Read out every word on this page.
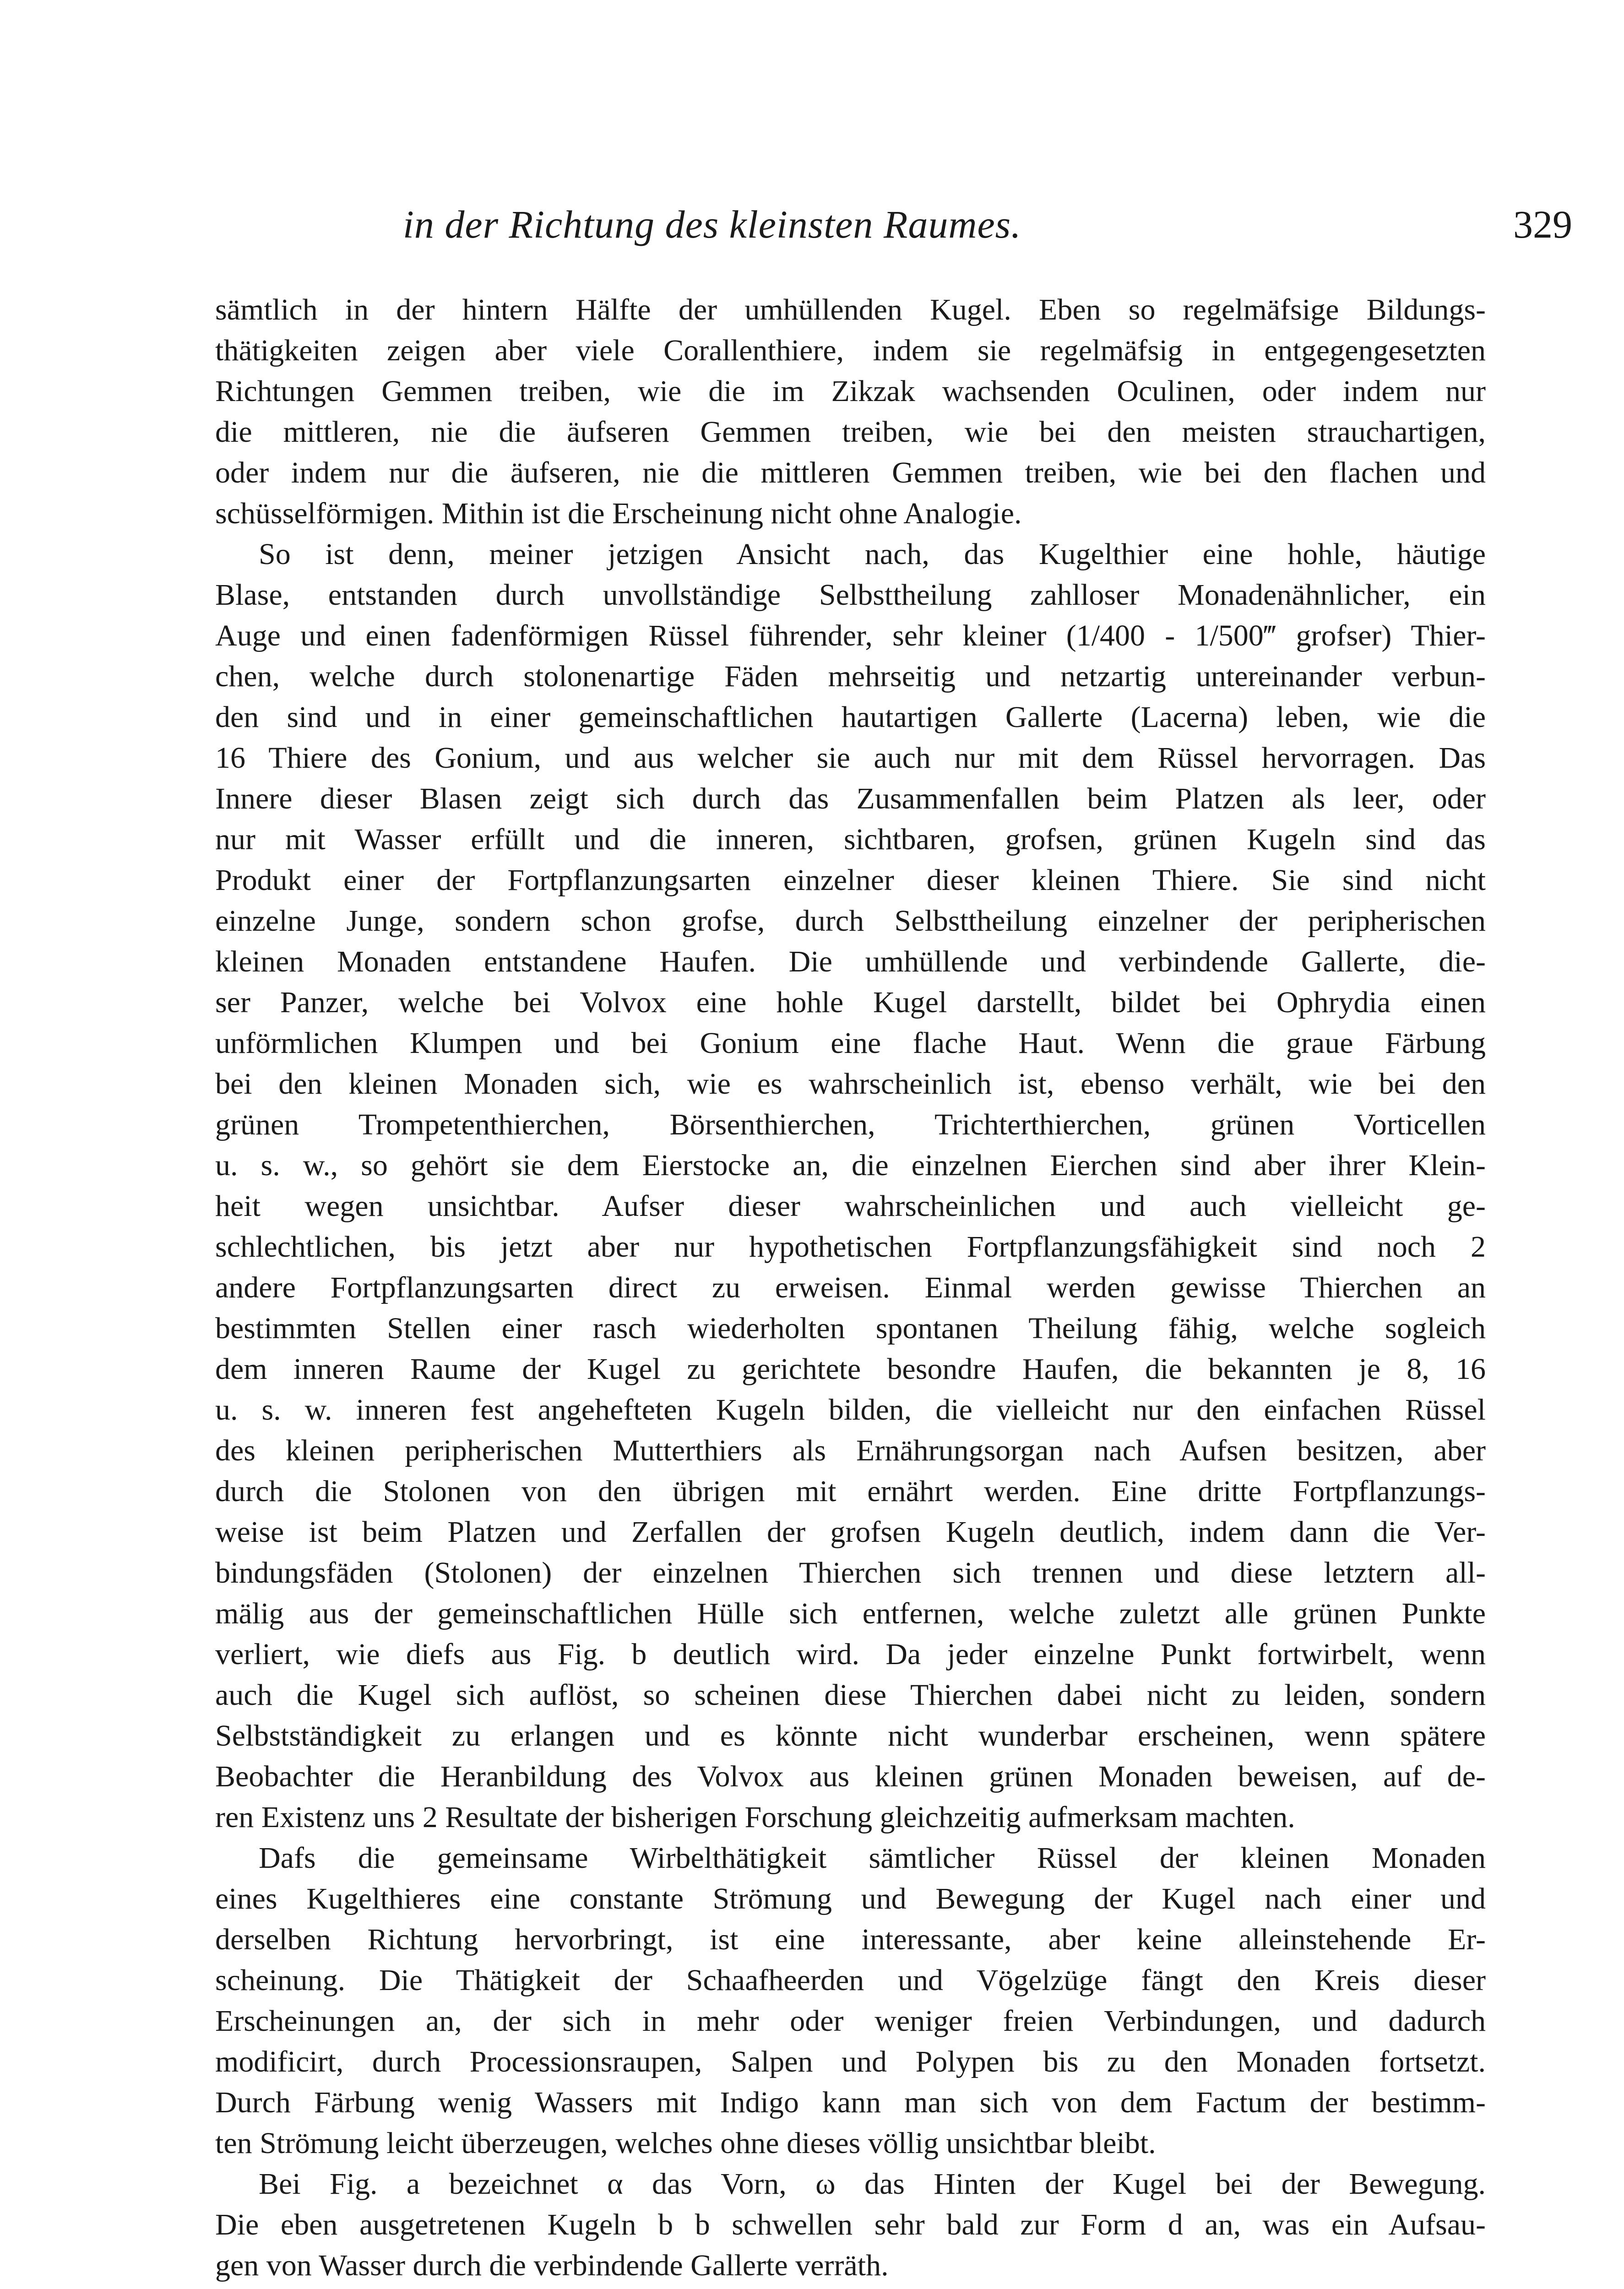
in der Richtung des kleinsten Raumes.	329
sämtlich in der hintern Hälfte der umhüllenden Kugel. Eben so regelmäfsige Bildungs-
thätigkeiten zeigen aber viele Corallenthiere, indem sie regelmäfsig in entgegengesetzten
Richtungen Gemmen treiben, wie die im Zikzak wachsenden Oculinen, oder indem nur
die mittleren, nie die äufseren Gemmen treiben, wie bei den meisten strauchartigen,
oder indem nur die äufseren, nie die mittleren Gemmen treiben, wie bei den flachen und
schüsselförmigen. Mithin ist die Erscheinung nicht ohne Analogie.
So ist denn, meiner jetzigen Ansicht nach, das Kugelthier eine hohle, häutige
Blase, entstanden durch unvollständige Selbsttheilung zahlloser Monadenähnlicher, ein
Auge und einen fadenförmigen Rüssel führender, sehr kleiner (1/400 - 1/500‴ grofser) Thier-
chen, welche durch stolonenartige Fäden mehrseitig und netzartig untereinander verbun-
den sind und in einer gemeinschaftlichen hautartigen Gallerte (Lacerna) leben, wie die
16 Thiere des Gonium, und aus welcher sie auch nur mit dem Rüssel hervorragen. Das
Innere dieser Blasen zeigt sich durch das Zusammenfallen beim Platzen als leer, oder
nur mit Wasser erfüllt und die inneren, sichtbaren, grofsen, grünen Kugeln sind das
Produkt einer der Fortpflanzungsarten einzelner dieser kleinen Thiere. Sie sind nicht
einzelne Junge, sondern schon grofse, durch Selbsttheilung einzelner der peripherischen
kleinen Monaden entstandene Haufen. Die umhüllende und verbindende Gallerte, die-
ser Panzer, welche bei Volvox eine hohle Kugel darstellt, bildet bei Ophrydia einen
unförmlichen Klumpen und bei Gonium eine flache Haut. Wenn die graue Färbung
bei den kleinen Monaden sich, wie es wahrscheinlich ist, ebenso verhält, wie bei den
grünen Trompetenthierchen, Börsenthierchen, Trichterthierchen, grünen Vorticellen
u. s. w., so gehört sie dem Eierstocke an, die einzelnen Eierchen sind aber ihrer Klein-
heit wegen unsichtbar. Aufser dieser wahrscheinlichen und auch vielleicht ge-
schlechtlichen, bis jetzt aber nur hypothetischen Fortpflanzungsfähigkeit sind noch 2
andere Fortpflanzungsarten direct zu erweisen. Einmal werden gewisse Thierchen an
bestimmten Stellen einer rasch wiederholten spontanen Theilung fähig, welche sogleich
dem inneren Raume der Kugel zu gerichtete besondre Haufen, die bekannten je 8, 16
u. s. w. inneren fest angehefteten Kugeln bilden, die vielleicht nur den einfachen Rüssel
des kleinen peripherischen Mutterthiers als Ernährungsorgan nach Aufsen besitzen, aber
durch die Stolonen von den übrigen mit ernährt werden. Eine dritte Fortpflanzungs-
weise ist beim Platzen und Zerfallen der grofsen Kugeln deutlich, indem dann die Ver-
bindungsfäden (Stolonen) der einzelnen Thierchen sich trennen und diese letztern all-
mälig aus der gemeinschaftlichen Hülle sich entfernen, welche zuletzt alle grünen Punkte
verliert, wie diefs aus Fig. b deutlich wird. Da jeder einzelne Punkt fortwirbelt, wenn
auch die Kugel sich auflöst, so scheinen diese Thierchen dabei nicht zu leiden, sondern
Selbstständigkeit zu erlangen und es könnte nicht wunderbar erscheinen, wenn spätere
Beobachter die Heranbildung des Volvox aus kleinen grünen Monaden beweisen, auf de-
ren Existenz uns 2 Resultate der bisherigen Forschung gleichzeitig aufmerksam machten.
Dafs die gemeinsame Wirbelthätigkeit sämtlicher Rüssel der kleinen Monaden
eines Kugelthieres eine constante Strömung und Bewegung der Kugel nach einer und
derselben Richtung hervorbringt, ist eine interessante, aber keine alleinstehende Er-
scheinung. Die Thätigkeit der Schaafheerden und Vögelzüge fängt den Kreis dieser
Erscheinungen an, der sich in mehr oder weniger freien Verbindungen, und dadurch
modificirt, durch Processionsraupen, Salpen und Polypen bis zu den Monaden fortsetzt.
Durch Färbung wenig Wassers mit Indigo kann man sich von dem Factum der bestimm-
ten Strömung leicht überzeugen, welches ohne dieses völlig unsichtbar bleibt.
Bei Fig. a bezeichnet α das Vorn, ω das Hinten der Kugel bei der Bewegung.
Die eben ausgetretenen Kugeln b b schwellen sehr bald zur Form d an, was ein Aufsau-
gen von Wasser durch die verbindende Gallerte verräth.
